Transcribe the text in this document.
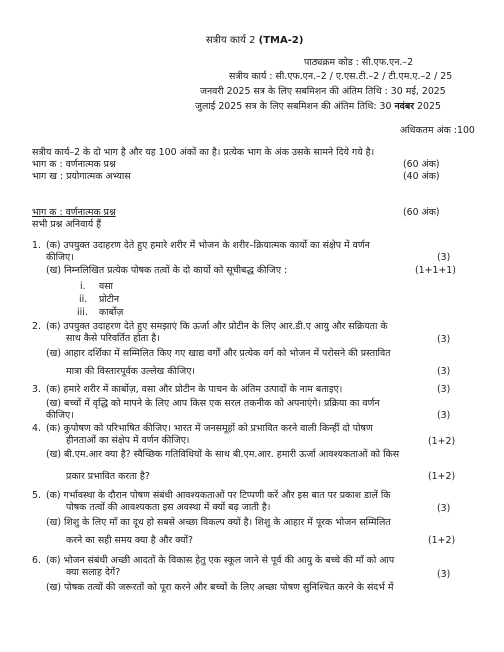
सत्रीय कार्य 2 (TMA-2)
पाठ्यक्रम कोड : सी.एफ.एन.–2
सत्रीय कार्य : सी.एफ.एन.–2 / ए.एस.टी.–2 / टी.एम.ए.–2 / 25
जनवरी 2025 सत्र के लिए सबमिशन की अंतिम तिथि : 30 मई, 2025
जुलाई 2025 सत्र के लिए सबमिशन की अंतिम तिथि: 30 नवंबर 2025
अधिकतम अंक :100
सत्रीय कार्य–2 के दो भाग है और यह 100 अंकों का है। प्रत्येक भाग के अंक उसके सामने दिये गये है।
भाग क : वर्णनात्मक प्रश्न	(60 अंक)
भाग ख : प्रयोगात्मक अभ्यास	(40 अंक)
भाग क : वर्णनात्मक प्रश्न	(60 अंक)
सभी प्रश्न अनिवार्य हैं
1. (क) उपयुक्त उदाहरण देते हुए हमारे शरीर में भोजन के शरीर–क्रियात्मक कार्यो का संक्षेप में वर्णन
कीजिए।	(3)
(ख) निम्नलिखित प्रत्येक पोषक तत्वों के दो कार्यो को सूचीबद्ध कीजिए :	(1+1+1)
i. वसा
ii. प्रोटीन
iii. कार्बोज़
2. (क) उपयुक्त उदाहरण देते हुए समझाएं कि ऊर्जा और प्रोटीन के लिए आर.डी.ए आयु और सक्रियता के
साथ कैसे परिवर्तित होता है।	(3)
(ख) आहार दर्शिका में सम्मिलित किए गए खाद्य वर्गों और प्रत्येक वर्ग को भोजन में परोसने की प्रस्तावित
मात्रा की विस्तारपूर्वक उल्लेख कीजिए।	(3)
3. (क) हमारे शरीर में कार्बोज़, वसा और प्रोटीन के पाचन के अंतिम उत्पादों के नाम बताइए।	(3)
(ख) बच्चों में वृद्धि को मापने के लिए आप किस एक सरल तकनीक को अपनाएंगे। प्रक्रिया का वर्णन
कीजिए।	(3)
4. (क) कुपोषण को परिभाषित कीजिए। भारत में जनसमूहों को प्रभावित करने वाली किन्हीं दो पोषण
हीनताओं का संक्षेप में वर्णन कीजिए।	(1+2)
(ख) बी.एम.आर क्या है? स्वैच्छिक गतिविधियों के साथ बी.एम.आर. हमारी ऊर्जा आवश्यकताओं को किस
प्रकार प्रभावित करता है?	(1+2)
5. (क) गर्भावस्था के दौरान पोषण संबंधी आवश्यकताओं पर टिप्पणी करें और इस बात पर प्रकाश डालें कि
पोषक तत्वों की आवश्यकता इस अवस्था में क्यों बढ़ जाती है।	(3)
(ख) शिशु के लिए माँ का दूध हो सबसे अच्छा विकल्प क्यों है। शिशु के आहार में पूरक भोजन सम्मिलित
करने का सही समय क्या है और क्यों?	(1+2)
6. (क) भोजन संबंधी अच्छी आदतों के विकास हेतु एक स्कूल जाने से पूर्व की आयु के बच्चे की माँ को आप
क्या सलाह देगें?	(3)
(ख) पोषक तत्वों की जरूरतों को पूरा करने और बच्चों के लिए अच्छा पोषण सुनिश्चित करने के संदर्भ में
